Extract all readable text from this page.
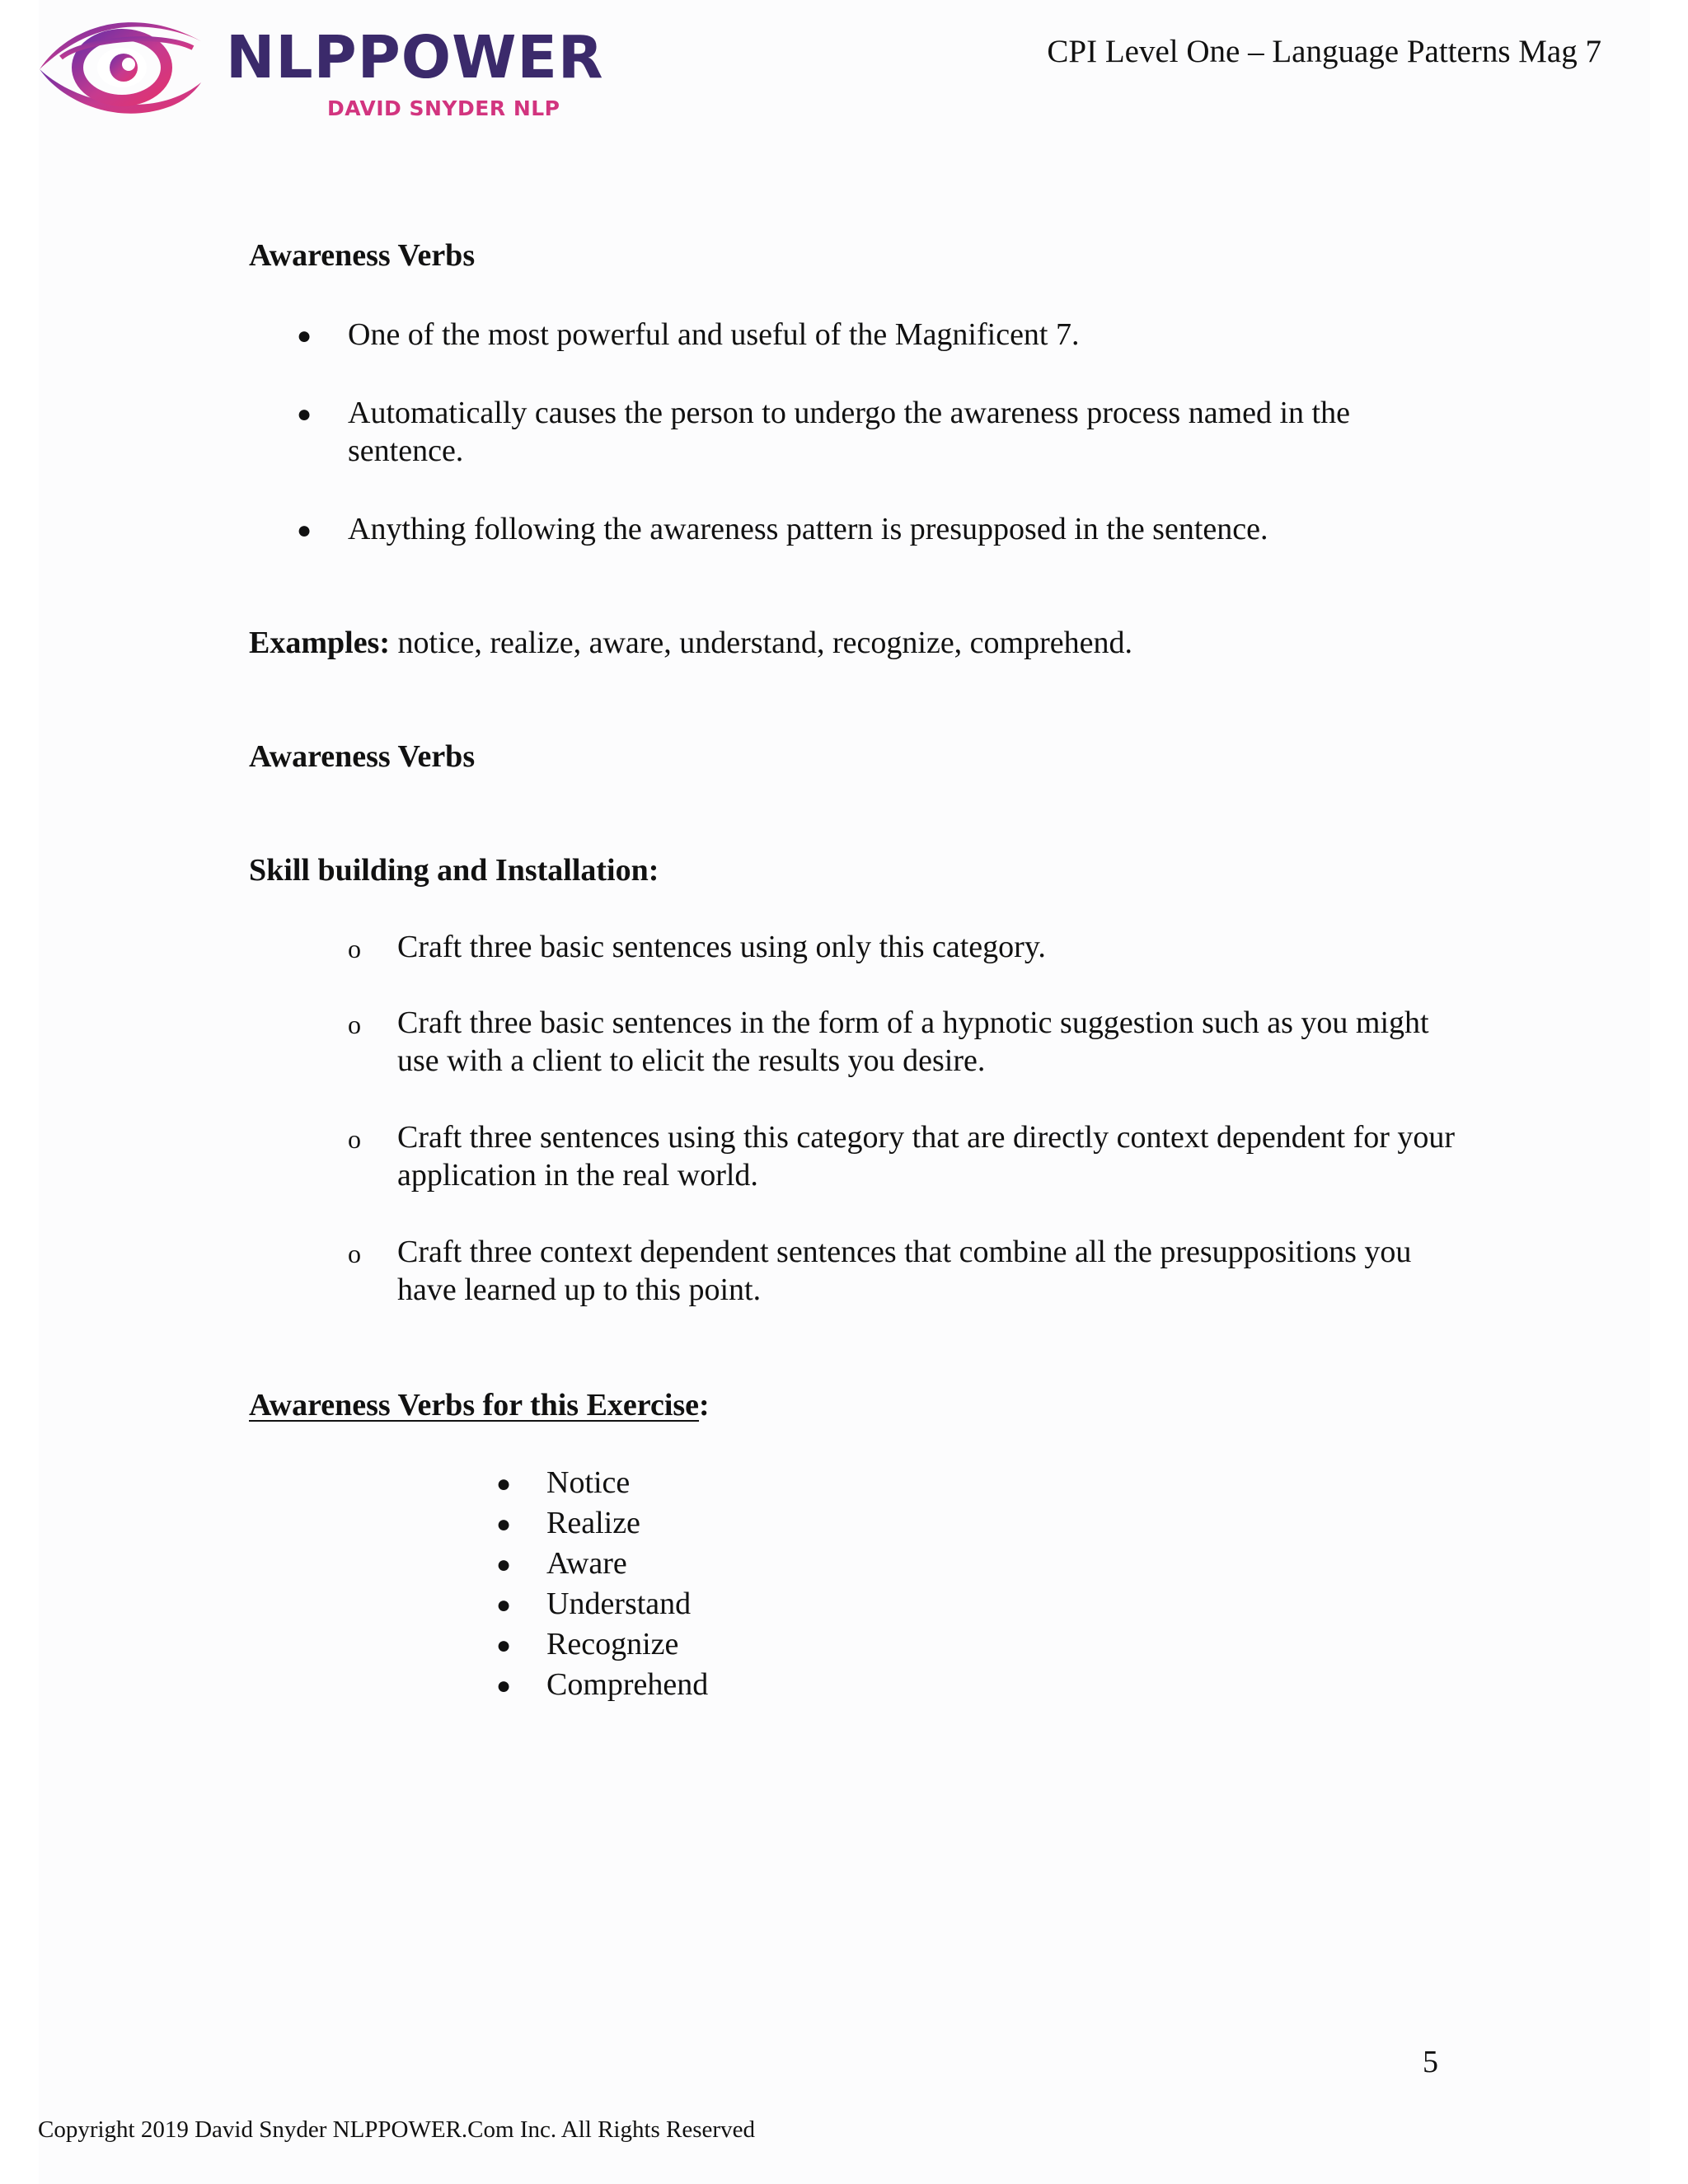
NLPPOWER
DAVID SNYDER NLP
CPI Level One – Language Patterns Mag 7
Awareness Verbs
● One of the most powerful and useful of the Magnificent 7.
● Automatically causes the person to undergo the awareness process named in the sentence.
● Anything following the awareness pattern is presupposed in the sentence.
Examples: notice, realize, aware, understand, recognize, comprehend.
Awareness Verbs
Skill building and Installation:
o Craft three basic sentences using only this category.
o Craft three basic sentences in the form of a hypnotic suggestion such as you might use with a client to elicit the results you desire.
o Craft three sentences using this category that are directly context dependent for your application in the real world.
o Craft three context dependent sentences that combine all the presuppositions you have learned up to this point.
Awareness Verbs for this Exercise:
● Notice
● Realize
● Aware
● Understand
● Recognize
● Comprehend
5
Copyright 2019 David Snyder NLPPOWER.Com Inc. All Rights Reserved
